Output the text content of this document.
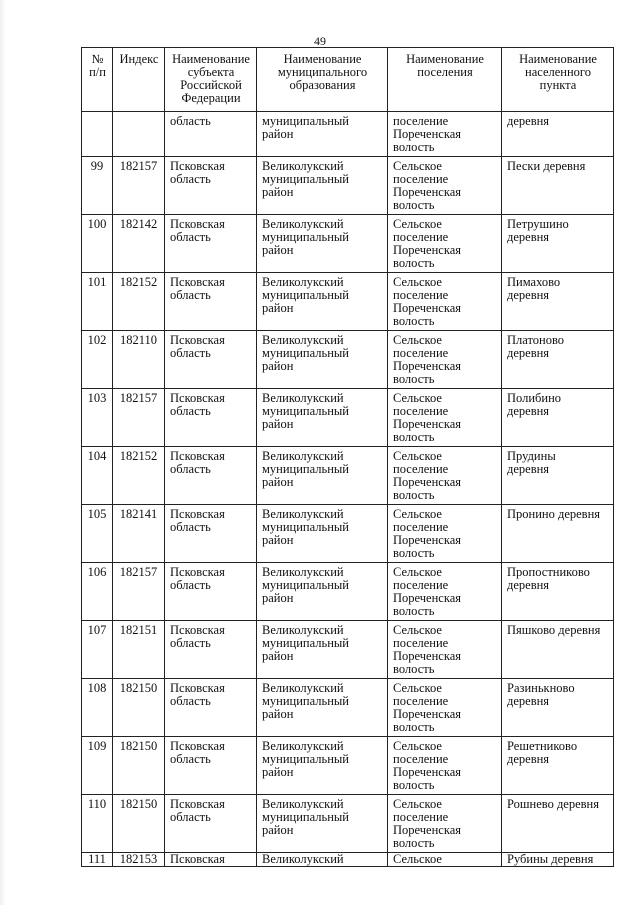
49
№
п/п	Индекс	Наименование
субъекта
Российской
Федерации	Наименование
муниципального
образования	Наименование
поселения	Наименование
населенного
пункта

		область	муниципальный
район	поселение
Пореченская
волость	деревня

99	182157	Псковская
область	Великолукский
муниципальный
район	Сельское
поселение
Пореченская
волость	Пески деревня

100	182142	Псковская
область	Великолукский
муниципальный
район	Сельское
поселение
Пореченская
волость	Петрушино
деревня

101	182152	Псковская
область	Великолукский
муниципальный
район	Сельское
поселение
Пореченская
волость	Пимахово
деревня

102	182110	Псковская
область	Великолукский
муниципальный
район	Сельское
поселение
Пореченская
волость	Платоново
деревня

103	182157	Псковская
область	Великолукский
муниципальный
район	Сельское
поселение
Пореченская
волость	Полибино
деревня

104	182152	Псковская
область	Великолукский
муниципальный
район	Сельское
поселение
Пореченская
волость	Прудины
деревня

105	182141	Псковская
область	Великолукский
муниципальный
район	Сельское
поселение
Пореченская
волость	Пронино деревня

106	182157	Псковская
область	Великолукский
муниципальный
район	Сельское
поселение
Пореченская
волость	Пропостниково
деревня

107	182151	Псковская
область	Великолукский
муниципальный
район	Сельское
поселение
Пореченская
волость	Пяшково деревня

108	182150	Псковская
область	Великолукский
муниципальный
район	Сельское
поселение
Пореченская
волость	Разинькново
деревня

109	182150	Псковская
область	Великолукский
муниципальный
район	Сельское
поселение
Пореченская
волость	Решетниково
деревня

110	182150	Псковская
область	Великолукский
муниципальный
район	Сельское
поселение
Пореченская
волость	Рошнево деревня

111	182153	Псковская	Великолукский	Сельское	Рубины деревня
